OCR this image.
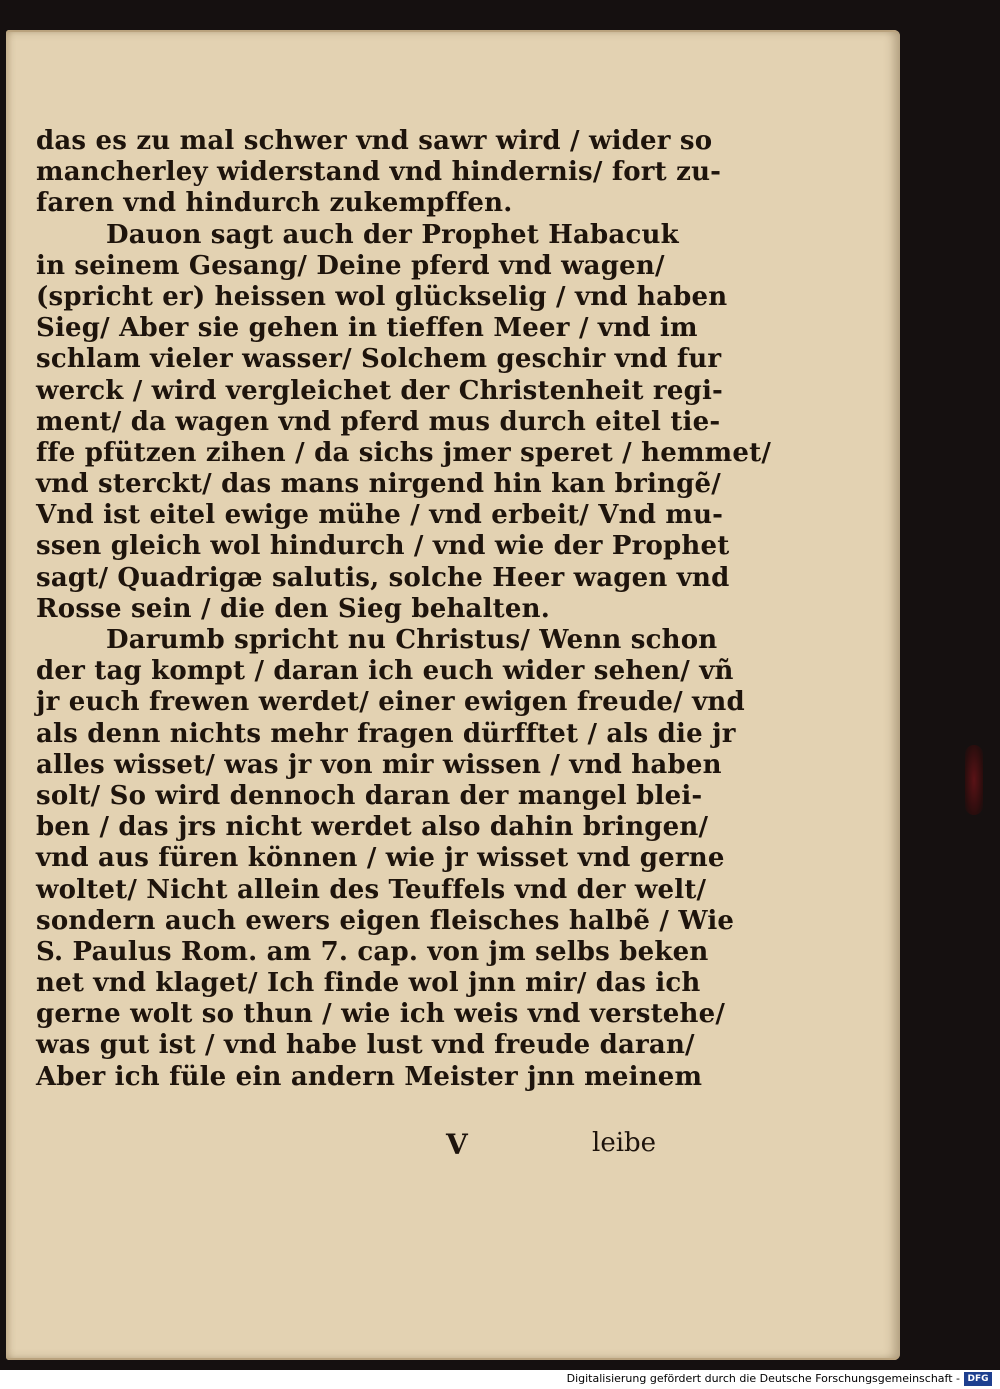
das es zu mal schwer vnd sawr wird / wider so
mancherley widerstand vnd hindernis/ fort zu-
faren vnd hindurch zukempffen.
Dauon sagt auch der Prophet Habacuk
in seinem Gesang/ Deine pferd vnd wagen/
(spricht er) heissen wol glückselig / vnd haben
Sieg/ Aber sie gehen in tieffen Meer / vnd im
schlam vieler wasser/ Solchem geschir vnd fur
werck / wird vergleichet der Christenheit regi-
ment/ da wagen vnd pferd mus durch eitel tie-
ffe pfützen zihen / da sichs jmer speret / hemmet/
vnd sterckt/ das mans nirgend hin kan bringẽ/
Vnd ist eitel ewige mühe / vnd erbeit/ Vnd mu-
ssen gleich wol hindurch / vnd wie der Prophet
sagt/ Quadrigæ salutis, solche Heer wagen vnd
Rosse sein / die den Sieg behalten.
Darumb spricht nu Christus/ Wenn schon
der tag kompt / daran ich euch wider sehen/ vñ
jr euch frewen werdet/ einer ewigen freude/ vnd
als denn nichts mehr fragen dürfftet / als die jr
alles wisset/ was jr von mir wissen / vnd haben
solt/ So wird dennoch daran der mangel blei-
ben / das jrs nicht werdet also dahin bringen/
vnd aus füren können / wie jr wisset vnd gerne
woltet/ Nicht allein des Teuffels vnd der welt/
sondern auch ewers eigen fleisches halbẽ / Wie
S. Paulus Rom. am 7. cap. von jm selbs beken
net vnd klaget/ Ich finde wol jnn mir/ das ich
gerne wolt so thun / wie ich weis vnd verstehe/
was gut ist / vnd habe lust vnd freude daran/
Aber ich füle ein andern Meister jnn meinem
V	leibe
Digitalisierung gefördert durch die Deutsche Forschungsgemeinschaft - DFG
